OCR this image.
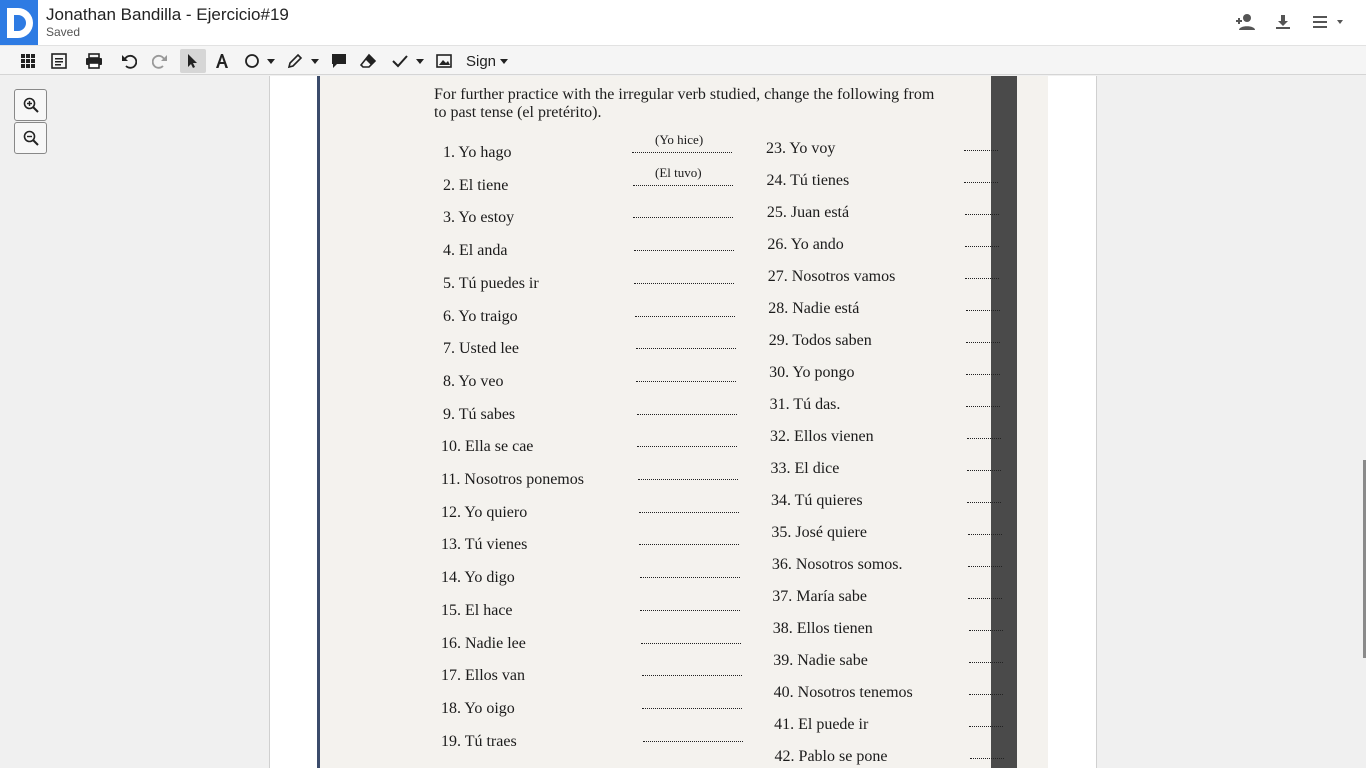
Jonathan Bandilla - Ejercicio#19
Saved
Sign
For further practice with the irregular verb studied, change the following from
to past tense (el pretérito).
1. Yo hago
(Yo hice)
2. El tiene
(El tuvo)
3. Yo estoy
4. El anda
5. Tú puedes ir
6. Yo traigo
7. Usted lee
8. Yo veo
9. Tú sabes
10. Ella se cae
11. Nosotros ponemos
12. Yo quiero
13. Tú vienes
14. Yo digo
15. El hace
16. Nadie lee
17. Ellos van
18. Yo oigo
19. Tú traes
23. Yo voy
24. Tú tienes
25. Juan está
26. Yo ando
27. Nosotros vamos
28. Nadie está
29. Todos saben
30. Yo pongo
31. Tú das.
32. Ellos vienen
33. El dice
34. Tú quieres
35. José quiere
36. Nosotros somos.
37. María sabe
38. Ellos tienen
39. Nadie sabe
40. Nosotros tenemos
41. El puede ir
42. Pablo se pone
